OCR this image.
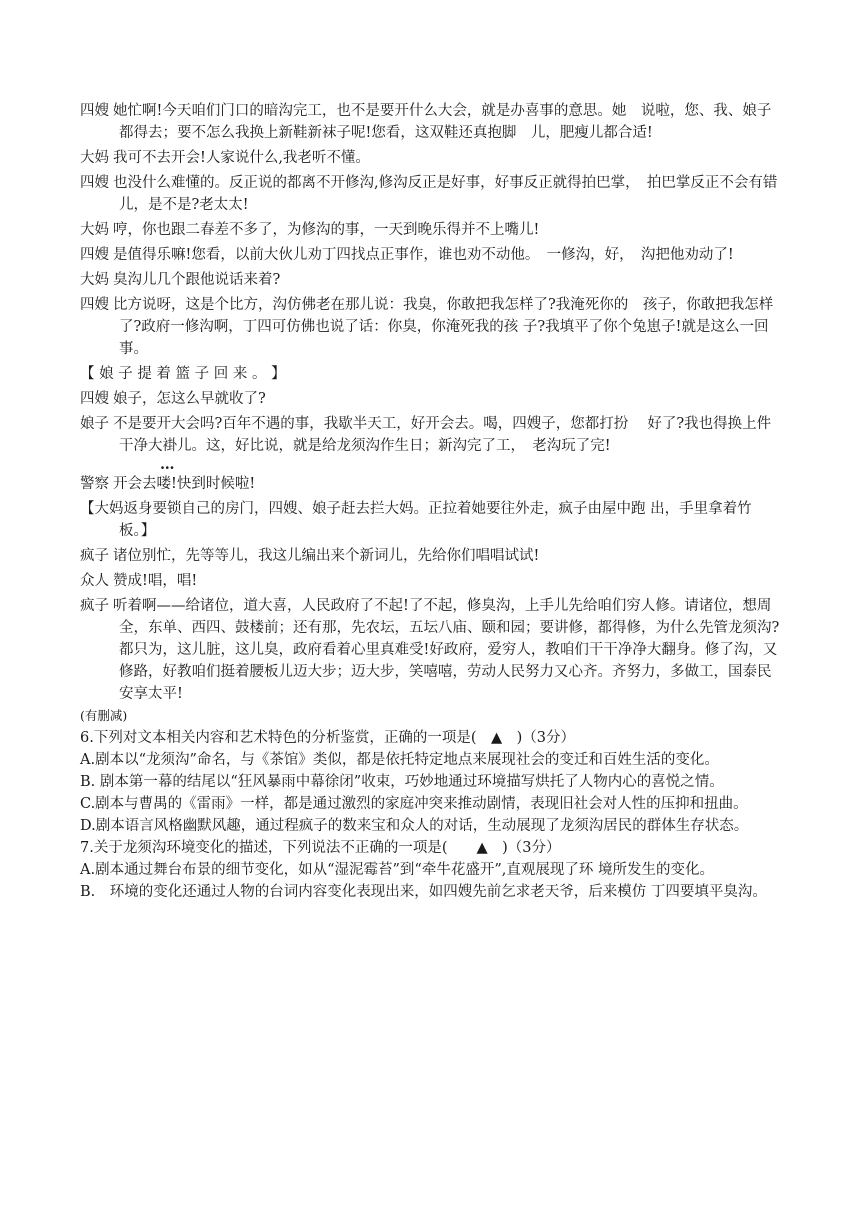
四嫂 她忙啊!今天咱们门口的暗沟完工，也不是要开什么大会，就是办喜事的意思。她　说啦，您、我、娘子都得去；要不怎么我换上新鞋新袜子呢!您看，这双鞋还真抱脚　儿，肥瘦儿都合适!
大妈 我可不去开会!人家说什么,我老听不懂。
四嫂 也没什么难懂的。反正说的都离不开修沟,修沟反正是好事，好事反正就得拍巴掌，　拍巴掌反正不会有错儿，是不是?老太太!
大妈 哼，你也跟二春差不多了，为修沟的事，一天到晚乐得并不上嘴儿!
四嫂 是值得乐嘛!您看，以前大伙儿劝丁四找点正事作，谁也劝不动他。　一修沟，好，　沟把他劝动了!
大妈 臭沟儿几个跟他说话来着?
四嫂 比方说呀，这是个比方，沟仿佛老在那儿说：我臭，你敢把我怎样了?我淹死你的　孩子，你敢把我怎样了?政府一修沟啊，丁四可仿佛也说了话：你臭，你淹死我的孩 子?我填平了你个兔崽子!就是这么一回事。
【 娘 子 提 着 篮 子 回 来 。 】
四嫂 娘子，怎这么早就收了?
娘子 不是要开大会吗?百年不遇的事，我歇半天工，好开会去。喝，四嫂子，您都打扮　 好了?我也得换上件干净大褂儿。这，好比说，就是给龙须沟作生日；新沟完了工，　老沟玩了完!
…
警察 开会去喽!快到时候啦!
【大妈返身要锁自己的房门，四嫂、娘子赶去拦大妈。正拉着她要往外走，疯子由屋中跑 出，手里拿着竹板。】
疯子 诸位别忙，先等等儿，我这儿编出来个新词儿，先给你们唱唱试试!
众人 赞成!唱，唱!
疯子 听着啊——给诸位，道大喜，人民政府了不起!了不起，修臭沟，上手儿先给咱们穷人修。请诸位，想周全，东单、西四、鼓楼前；还有那，先农坛，五坛八庙、颐和园；要讲修，都得修，为什么先管龙须沟?都只为，这儿脏，这儿臭，政府看着心里真难受!好政府，爱穷人，教咱们干干净净大翻身。修了沟，又修路，好教咱们挺着腰板儿迈大步；迈大步，笑嘻嘻，劳动人民努力又心齐。齐努力，多做工，国泰民安享太平!
(有删减)
6.下列对文本相关内容和艺术特色的分析鉴赏，正确的一项是(　▲　)（3分）
A.剧本以“龙须沟”命名，与《茶馆》类似，都是依托特定地点来展现社会的变迁和百姓生活的变化。
B. 剧本第一幕的结尾以“狂风暴雨中幕徐闭”收束，巧妙地通过环境描写烘托了人物内心的喜悦之情。
C.剧本与曹禺的《雷雨》一样，都是通过激烈的家庭冲突来推动剧情，表现旧社会对人性的压抑和扭曲。
D.剧本语言风格幽默风趣，通过程疯子的数来宝和众人的对话，生动展现了龙须沟居民的群体生存状态。
7.关于龙须沟环境变化的描述，下列说法不正确的一项是(　　▲　)（3分）
A.剧本通过舞台布景的细节变化，如从“湿泥霉苔”到“牵牛花盛开”,直观展现了环 境所发生的变化。
B.　环境的变化还通过人物的台词内容变化表现出来，如四嫂先前乞求老天爷，后来模仿 丁四要填平臭沟。
